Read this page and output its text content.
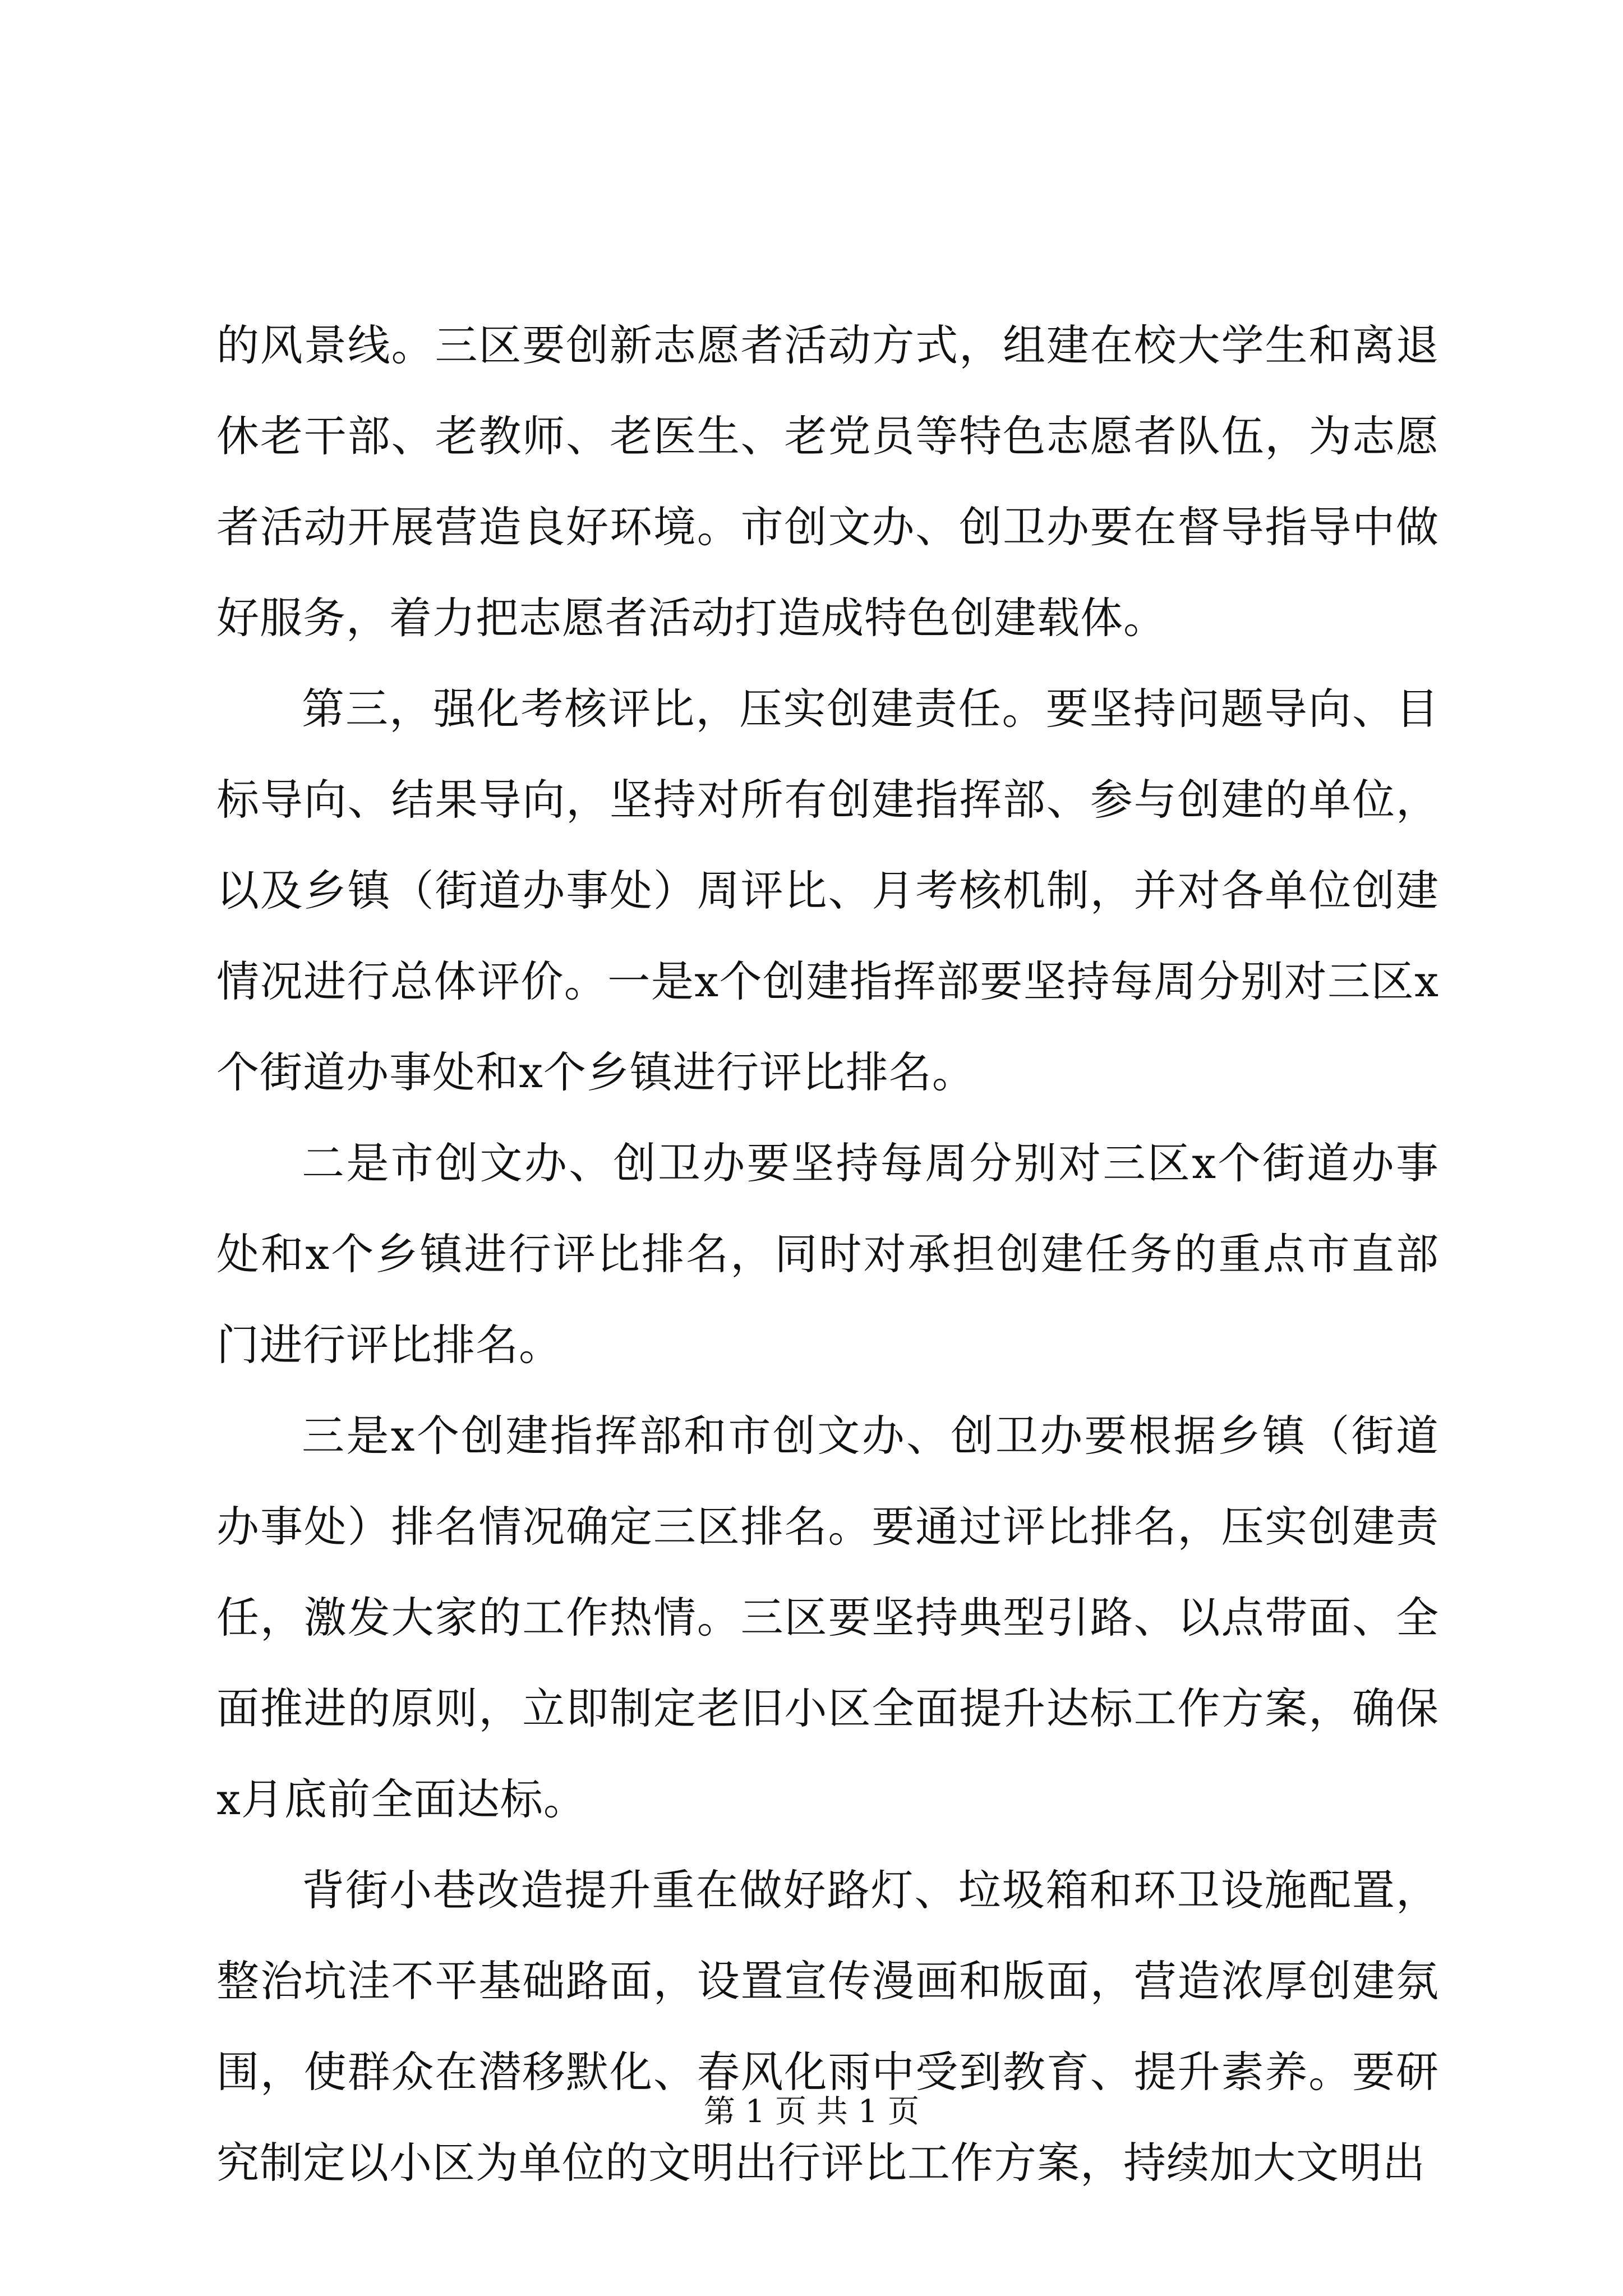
的风景线。三区要创新志愿者活动方式，组建在校大学生和离退休老干部、老教师、老医生、老党员等特色志愿者队伍，为志愿者活动开展营造良好环境。市创文办、创卫办要在督导指导中做好服务，着力把志愿者活动打造成特色创建载体。

第三，强化考核评比，压实创建责任。要坚持问题导向、目标导向、结果导向，坚持对所有创建指挥部、参与创建的单位，以及乡镇（街道办事处）周评比、月考核机制，并对各单位创建情况进行总体评价。一是x个创建指挥部要坚持每周分别对三区x个街道办事处和x个乡镇进行评比排名。

二是市创文办、创卫办要坚持每周分别对三区x个街道办事处和x个乡镇进行评比排名，同时对承担创建任务的重点市直部门进行评比排名。

三是x个创建指挥部和市创文办、创卫办要根据乡镇（街道办事处）排名情况确定三区排名。要通过评比排名，压实创建责任，激发大家的工作热情。三区要坚持典型引路、以点带面、全面推进的原则，立即制定老旧小区全面提升达标工作方案，确保x月底前全面达标。

背街小巷改造提升重在做好路灯、垃圾箱和环卫设施配置，整治坑洼不平基础路面，设置宣传漫画和版面，营造浓厚创建氛围，使群众在潜移默化、春风化雨中受到教育、提升素养。要研究制定以小区为单位的文明出行评比工作方案，持续加大文明出

第 1 页 共 1 页
